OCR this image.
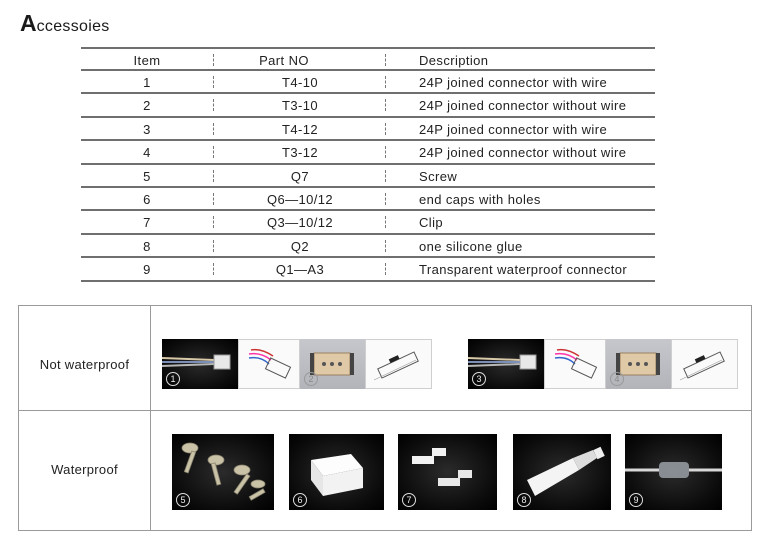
Accessoies
Item	Part NO	Description
1	T4-10	24P joined connector with wire
2	T3-10	24P joined connector without wire
3	T4-12	24P joined connector with wire
4	T3-12	24P joined connector without wire
5	Q7	Screw
6	Q6—10/12	end caps with holes
7	Q3—10/12	Clip
8	Q2	one silicone glue
9	Q1—A3	Transparent waterproof connector
Not waterproof
Waterproof
1	2	3	4
5	6	7	8	9
